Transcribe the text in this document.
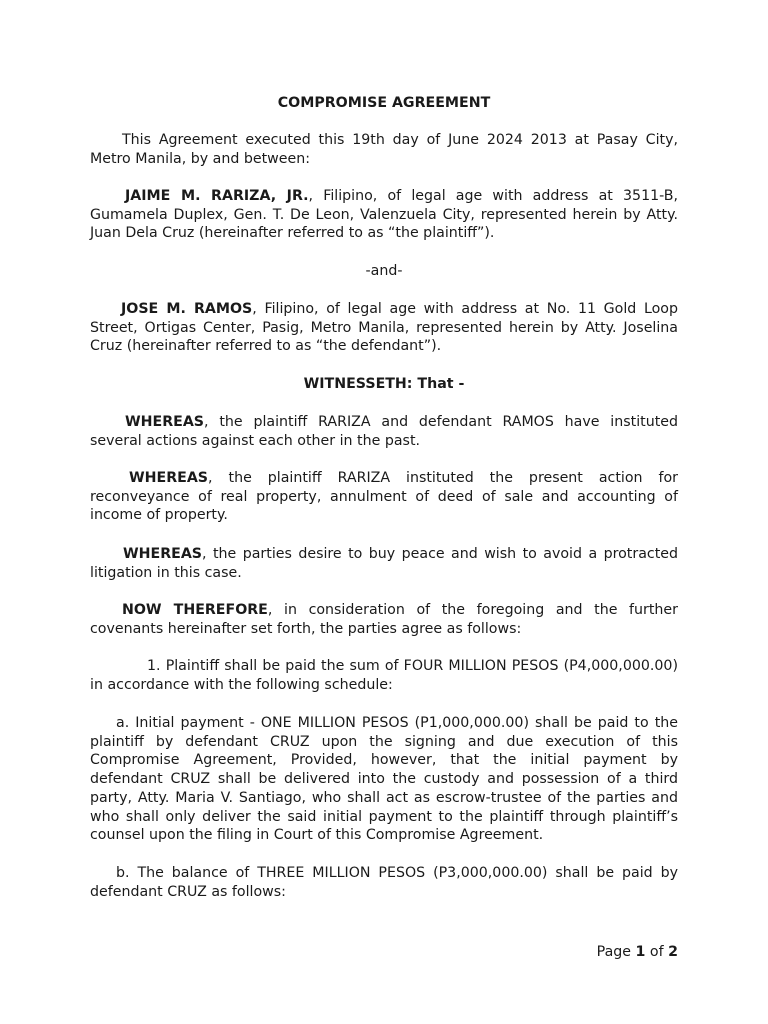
COMPROMISE AGREEMENT

This Agreement executed this 19th day of June 2024 2013 at Pasay City, Metro Manila, by and between:

JAIME M. RARIZA, JR., Filipino, of legal age with address at 3511-B, Gumamela Duplex, Gen. T. De Leon, Valenzuela City, represented herein by Atty. Juan Dela Cruz (hereinafter referred to as “the plaintiff”).

-and-

JOSE M. RAMOS, Filipino, of legal age with address at No. 11 Gold Loop Street, Ortigas Center, Pasig, Metro Manila, represented herein by Atty. Joselina Cruz (hereinafter referred to as “the defendant”).

WITNESSETH: That -

WHEREAS, the plaintiff RARIZA and defendant RAMOS have instituted several actions against each other in the past.

WHEREAS, the plaintiff RARIZA instituted the present action for reconveyance of real property, annulment of deed of sale and accounting of income of property.

WHEREAS, the parties desire to buy peace and wish to avoid a protracted litigation in this case.

NOW THEREFORE, in consideration of the foregoing and the further covenants hereinafter set forth, the parties agree as follows:

1. Plaintiff shall be paid the sum of FOUR MILLION PESOS (P4,000,000.00) in accordance with the following schedule:

a. Initial payment - ONE MILLION PESOS (P1,000,000.00) shall be paid to the plaintiff by defendant CRUZ upon the signing and due execution of this Compromise Agreement, Provided, however, that the initial payment by defendant CRUZ shall be delivered into the custody and possession of a third party, Atty. Maria V. Santiago, who shall act as escrow-trustee of the parties and who shall only deliver the said initial payment to the plaintiff through plaintiff’s counsel upon the filing in Court of this Compromise Agreement.

b. The balance of THREE MILLION PESOS (P3,000,000.00) shall be paid by defendant CRUZ as follows:

Page 1 of 2
